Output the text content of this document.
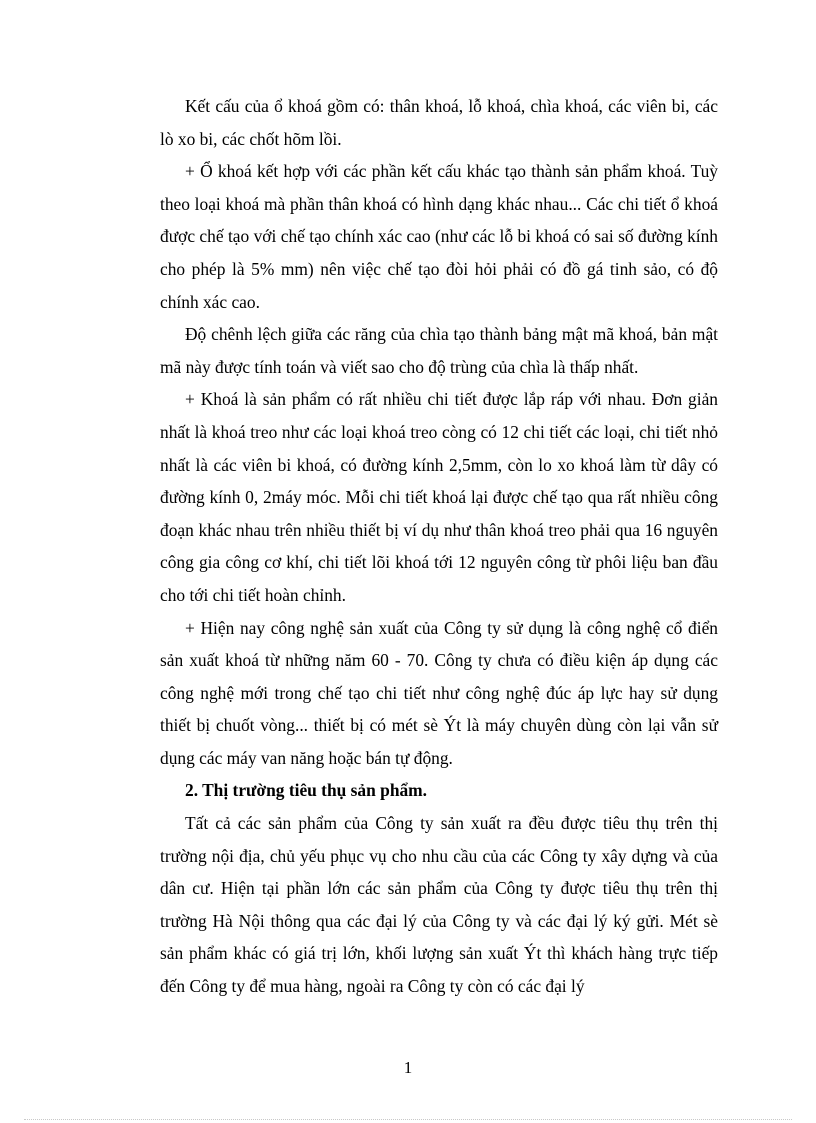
Kết cấu của ổ khoá gồm có: thân khoá, lỗ khoá, chìa khoá, các viên bi, các lò xo bi, các chốt hõm lồi.

+ Ổ khoá kết hợp với các phần kết cấu khác tạo thành sản phẩm khoá. Tuỳ theo loại khoá mà phần thân khoá có hình dạng khác nhau... Các chi tiết ổ khoá được chế tạo với chế tạo chính xác cao (như các lỗ bi khoá có sai số đường kính cho phép là 5% mm) nên việc chế tạo đòi hỏi phải có đồ gá tinh sảo, có độ chính xác cao.

Độ chênh lệch giữa các răng của chìa tạo thành bảng mật mã khoá, bản mật mã này được tính toán và viết sao cho độ trùng của chìa là thấp nhất.

+ Khoá là sản phẩm có rất nhiều chi tiết được lắp ráp với nhau. Đơn giản nhất là khoá treo như các loại khoá treo còng có 12 chi tiết các loại, chi tiết nhỏ nhất là các viên bi khoá, có đường kính 2,5mm, còn lo xo khoá làm từ dây có đường kính 0, 2máy móc. Mỗi chi tiết khoá lại được chế tạo qua rất nhiều công đoạn khác nhau trên nhiều thiết bị ví dụ như thân khoá treo phải qua 16 nguyên công gia công cơ khí, chi tiết lõi khoá tới 12 nguyên công từ phôi liệu ban đầu cho tới chi tiết hoàn chỉnh.

+ Hiện nay công nghệ sản xuất của Công ty sử dụng là công nghệ cổ điển sản xuất khoá từ những năm 60 - 70. Công ty chưa có điều kiện áp dụng các công nghệ mới trong chế tạo chi tiết như công nghệ đúc áp lực hay sử dụng thiết bị chuốt vòng... thiết bị có mét sè Ýt là máy chuyên dùng còn lại vẫn sử dụng các máy van năng hoặc bán tự động.

2. Thị trường tiêu thụ sản phẩm.

Tất cả các sản phẩm của Công ty sản xuất ra đều được tiêu thụ trên thị trường nội địa, chủ yếu phục vụ cho nhu cầu của các Công ty xây dựng và của dân cư. Hiện tại phần lớn các sản phẩm của Công ty được tiêu thụ trên thị trường Hà Nội thông qua các đại lý của Công ty và các đại lý ký gửi. Mét sè sản phẩm khác có giá trị lớn, khối lượng sản xuất Ýt thì khách hàng trực tiếp đến Công ty để mua hàng, ngoài ra Công ty còn có các đại lý

1
